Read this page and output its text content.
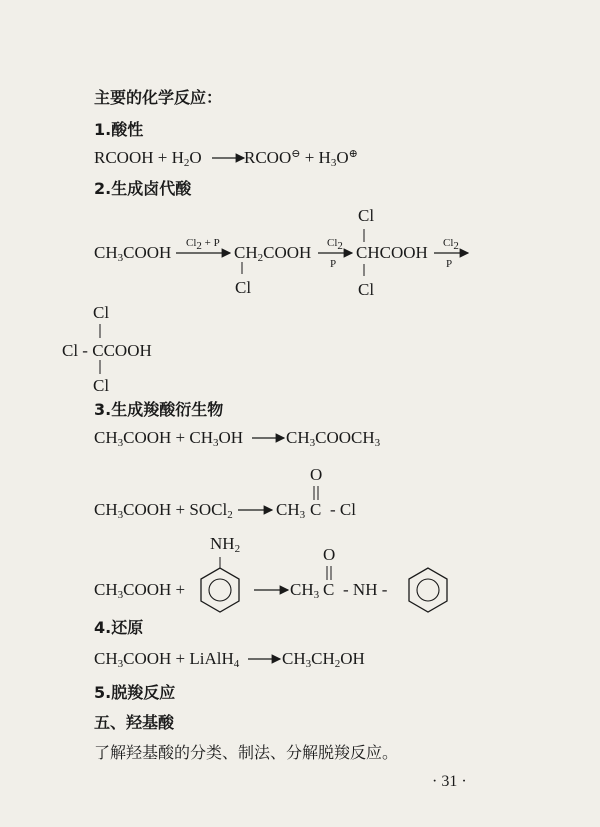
主要的化学反应：
1.酸性
RCOOH + $H_2O$ RCOO⊖ + $H_3O^\oplus$
2.生成卤代酸
$CH_3COOH$ $Cl_2 + P$ $CH_2COOH$
Cl
$Cl_2$
P
Cl
CHCOOH
Cl
$Cl_2$
P
Cl
Cl - CCOOH
Cl
3.生成羧酸衍生物
$CH_3COOH + CH_3OH$	$CH_3COOCH_3$
$CH_3COOH$ + SOCl$_2$
O
$CH_3$ C - Cl
$NH_2$
$CH_3COOH$ +
O
$CH_3$ C - NH -
4.还原
$CH_3COOH$ + LiAlH$_4$	$CH_3CH_2OH$
5.脱羧反应
五、羟基酸
了解羟基酸的分类、制法、分解脱羧反应。
· 31 ·
